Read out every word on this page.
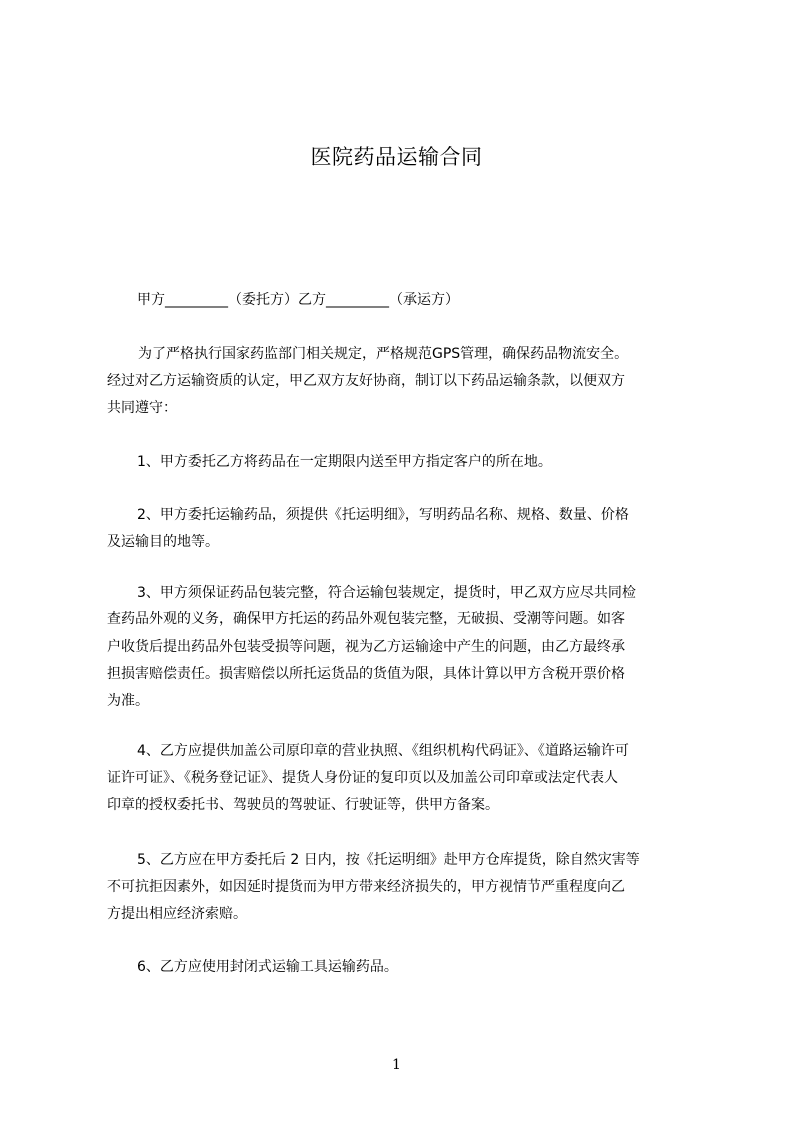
医院药品运输合同
甲方_________（委托方）乙方_________（承运方）
为了严格执行国家药监部门相关规定，严格规范GPS管理，确保药品物流安全。
经过对乙方运输资质的认定，甲乙双方友好协商，制订以下药品运输条款，以便双方
共同遵守：
1、甲方委托乙方将药品在一定期限内送至甲方指定客户的所在地。
2、甲方委托运输药品，须提供《托运明细》，写明药品名称、规格、数量、价格
及运输目的地等。
3、甲方须保证药品包装完整，符合运输包装规定，提货时，甲乙双方应尽共同检
查药品外观的义务，确保甲方托运的药品外观包装完整，无破损、受潮等问题。如客
户收货后提出药品外包装受损等问题，视为乙方运输途中产生的问题，由乙方最终承
担损害赔偿责任。损害赔偿以所托运货品的货值为限，具体计算以甲方含税开票价格
为准。
4、乙方应提供加盖公司原印章的营业执照、《组织机构代码证》、《道路运输许可
证许可证》、《税务登记证》、提货人身份证的复印页以及加盖公司印章或法定代表人
印章的授权委托书、驾驶员的驾驶证、行驶证等，供甲方备案。
5、乙方应在甲方委托后 2 日内，按《托运明细》赴甲方仓库提货，除自然灾害等
不可抗拒因素外，如因延时提货而为甲方带来经济损失的，甲方视情节严重程度向乙
方提出相应经济索赔。
6、乙方应使用封闭式运输工具运输药品。
1
